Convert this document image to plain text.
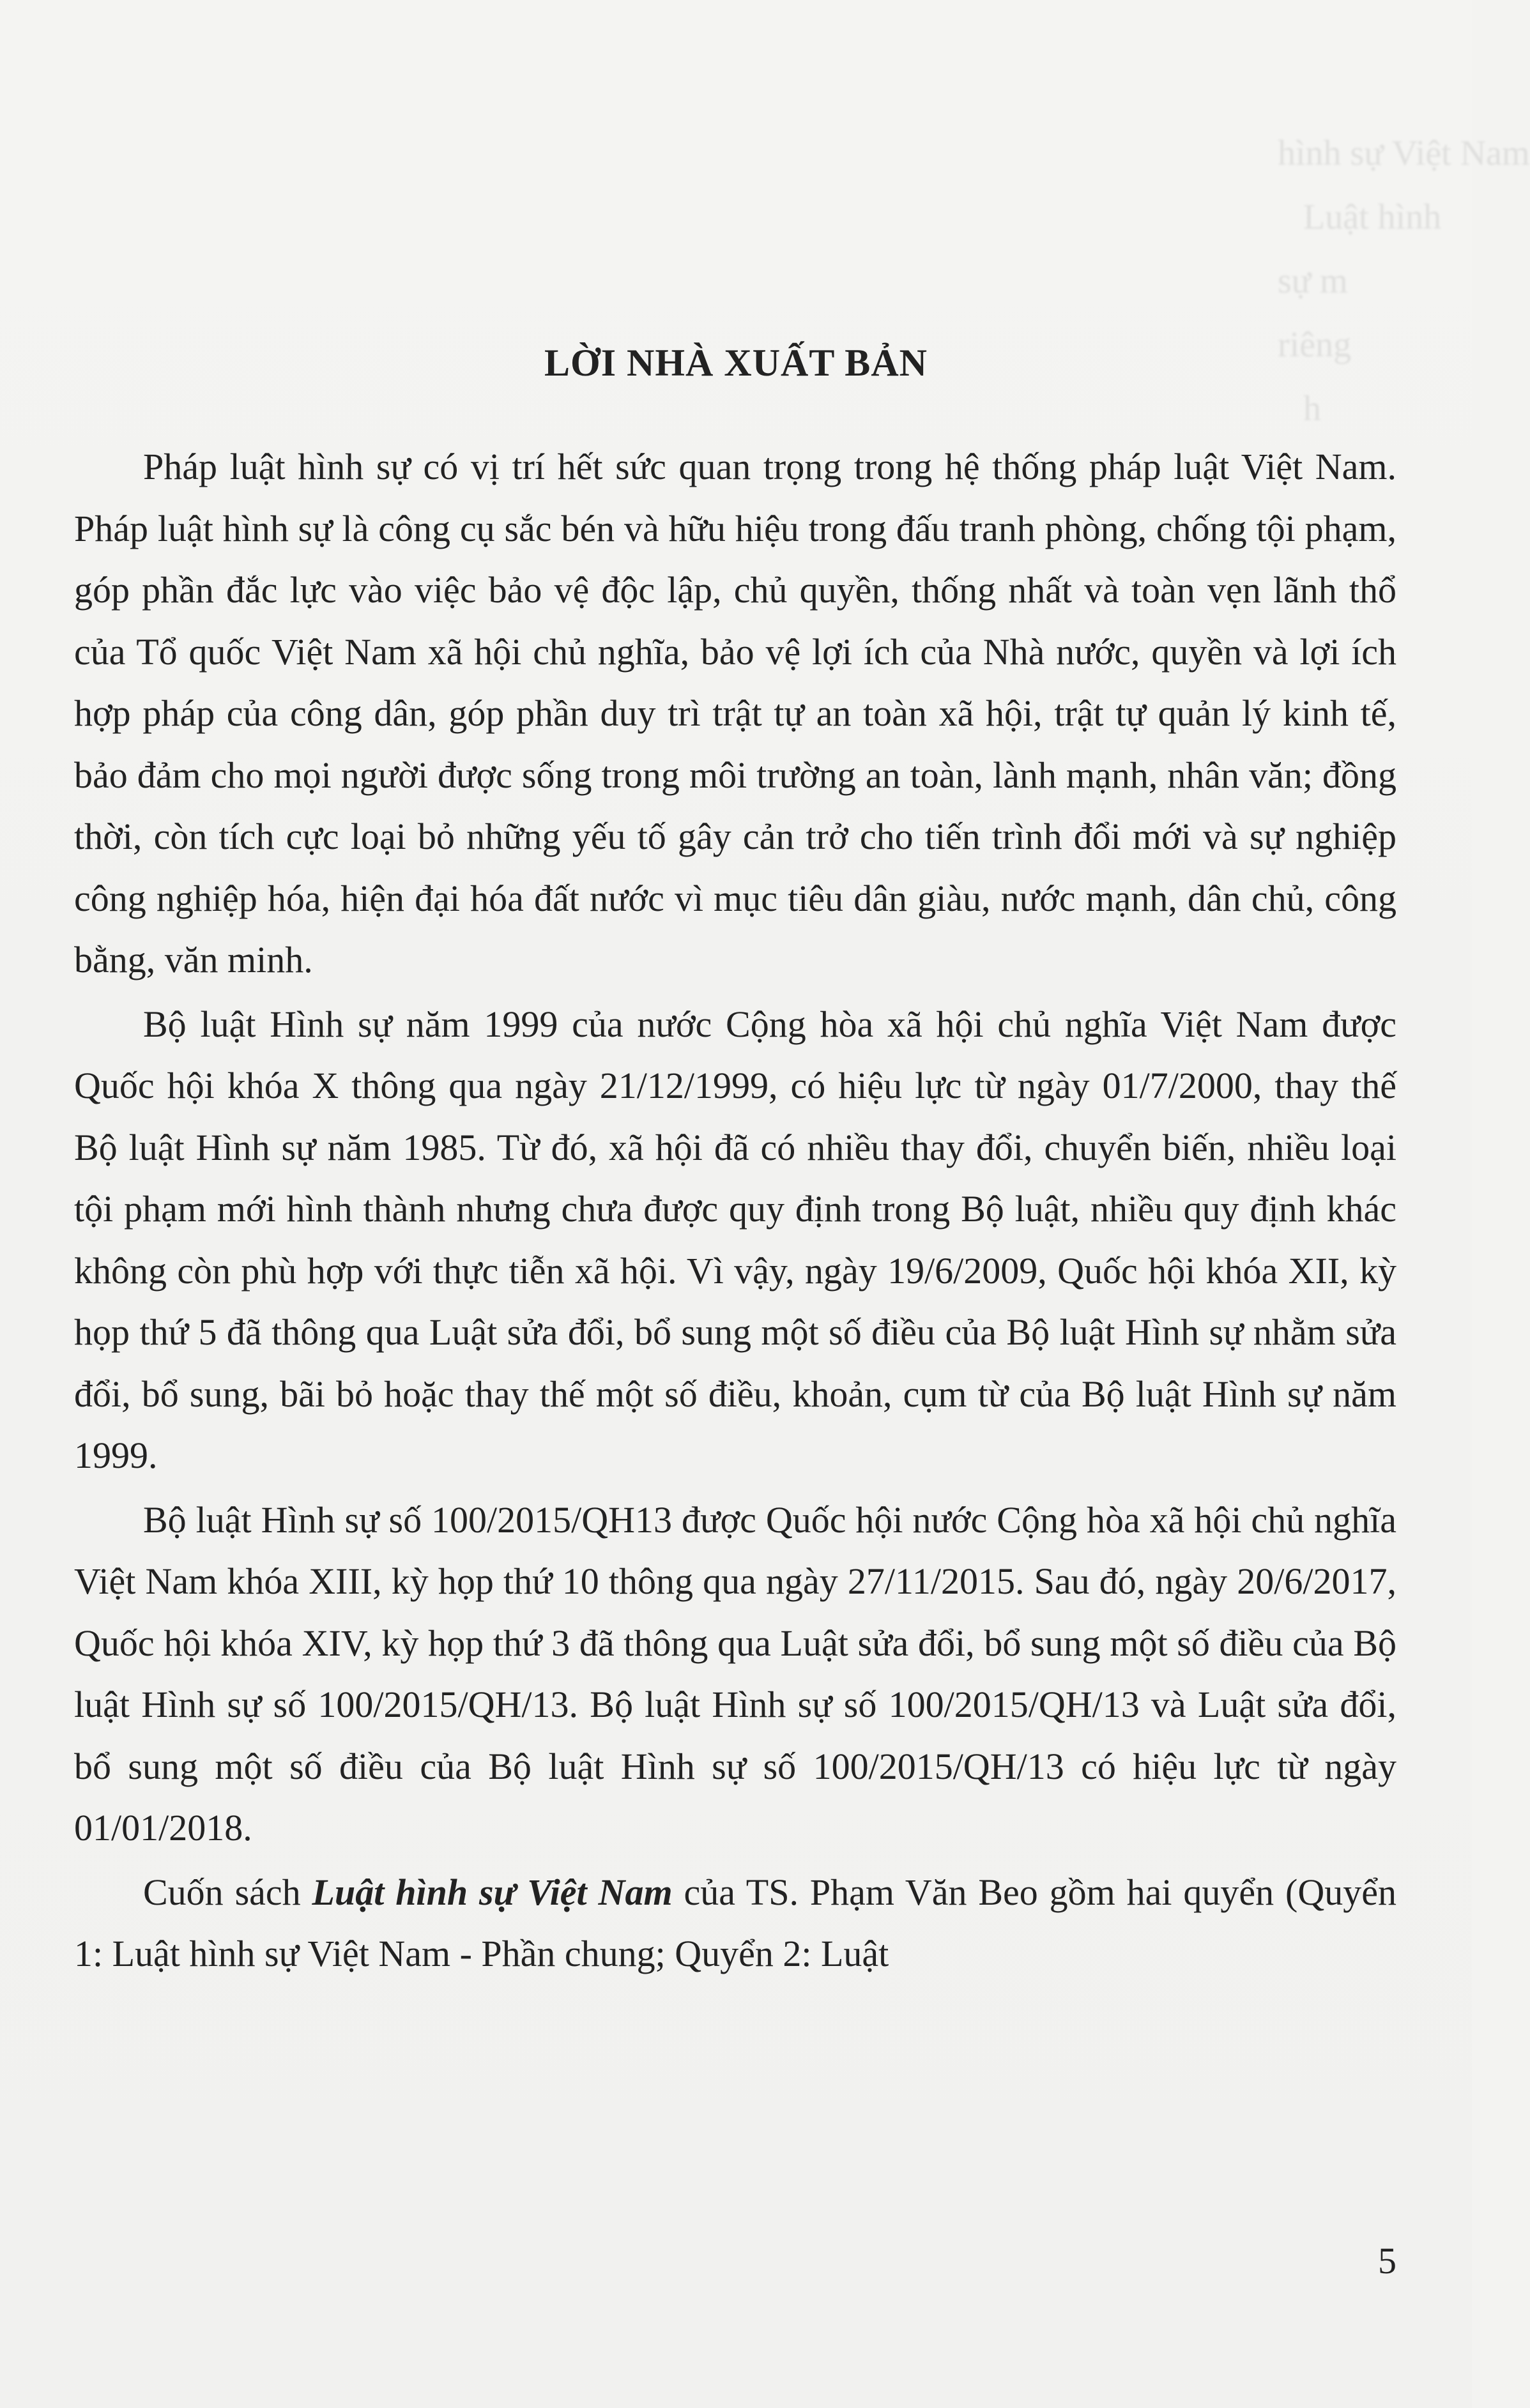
hình sự Việt Nam
Luật hình
sự m
riêng
h
LỜI NHÀ XUẤT BẢN

Pháp luật hình sự có vị trí hết sức quan trọng trong hệ thống pháp luật Việt Nam. Pháp luật hình sự là công cụ sắc bén và hữu hiệu trong đấu tranh phòng, chống tội phạm, góp phần đắc lực vào việc bảo vệ độc lập, chủ quyền, thống nhất và toàn vẹn lãnh thổ của Tổ quốc Việt Nam xã hội chủ nghĩa, bảo vệ lợi ích của Nhà nước, quyền và lợi ích hợp pháp của công dân, góp phần duy trì trật tự an toàn xã hội, trật tự quản lý kinh tế, bảo đảm cho mọi người được sống trong môi trường an toàn, lành mạnh, nhân văn; đồng thời, còn tích cực loại bỏ những yếu tố gây cản trở cho tiến trình đổi mới và sự nghiệp công nghiệp hóa, hiện đại hóa đất nước vì mục tiêu dân giàu, nước mạnh, dân chủ, công bằng, văn minh.

Bộ luật Hình sự năm 1999 của nước Cộng hòa xã hội chủ nghĩa Việt Nam được Quốc hội khóa X thông qua ngày 21/12/1999, có hiệu lực từ ngày 01/7/2000, thay thế Bộ luật Hình sự năm 1985. Từ đó, xã hội đã có nhiều thay đổi, chuyển biến, nhiều loại tội phạm mới hình thành nhưng chưa được quy định trong Bộ luật, nhiều quy định khác không còn phù hợp với thực tiễn xã hội. Vì vậy, ngày 19/6/2009, Quốc hội khóa XII, kỳ họp thứ 5 đã thông qua Luật sửa đổi, bổ sung một số điều của Bộ luật Hình sự nhằm sửa đổi, bổ sung, bãi bỏ hoặc thay thế một số điều, khoản, cụm từ của Bộ luật Hình sự năm 1999.

Bộ luật Hình sự số 100/2015/QH13 được Quốc hội nước Cộng hòa xã hội chủ nghĩa Việt Nam khóa XIII, kỳ họp thứ 10 thông qua ngày 27/11/2015. Sau đó, ngày 20/6/2017, Quốc hội khóa XIV, kỳ họp thứ 3 đã thông qua Luật sửa đổi, bổ sung một số điều của Bộ luật Hình sự số 100/2015/QH/13. Bộ luật Hình sự số 100/2015/QH/13 và Luật sửa đổi, bổ sung một số điều của Bộ luật Hình sự số 100/2015/QH/13 có hiệu lực từ ngày 01/01/2018.

Cuốn sách Luật hình sự Việt Nam của TS. Phạm Văn Beo gồm hai quyển (Quyển 1: Luật hình sự Việt Nam - Phần chung; Quyển 2: Luật

5
